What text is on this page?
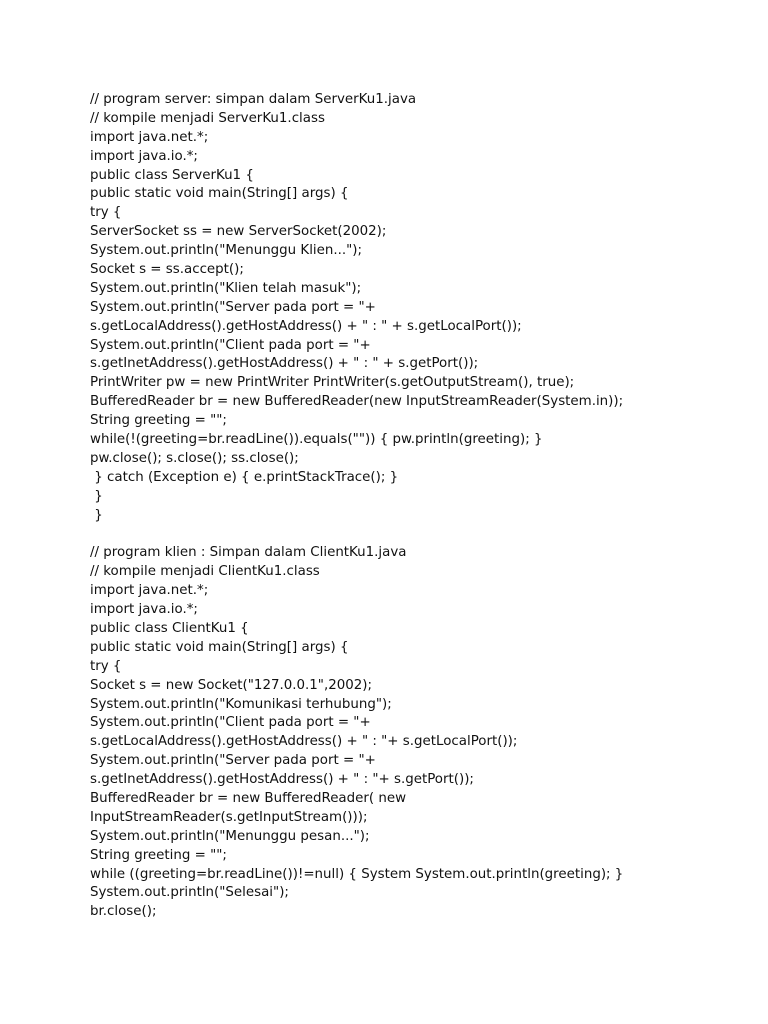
// program server: simpan dalam ServerKu1.java
// kompile menjadi ServerKu1.class
import java.net.*;
import java.io.*;
public class ServerKu1 {
public static void main(String[] args) {
try {
ServerSocket ss = new ServerSocket(2002);
System.out.println("Menunggu Klien...");
Socket s = ss.accept();
System.out.println("Klien telah masuk");
System.out.println("Server pada port = "+
s.getLocalAddress().getHostAddress() + " : " + s.getLocalPort());
System.out.println("Client pada port = "+
s.getInetAddress().getHostAddress() + " : " + s.getPort());
PrintWriter pw = new PrintWriter PrintWriter(s.getOutputStream(), true);
BufferedReader br = new BufferedReader(new InputStreamReader(System.in));
String greeting = "";
while(!(greeting=br.readLine()).equals("")) { pw.println(greeting); }
pw.close(); s.close(); ss.close();
} catch (Exception e) { e.printStackTrace(); }
}
}
// program klien : Simpan dalam ClientKu1.java
// kompile menjadi ClientKu1.class
import java.net.*;
import java.io.*;
public class ClientKu1 {
public static void main(String[] args) {
try {
Socket s = new Socket("127.0.0.1",2002);
System.out.println("Komunikasi terhubung");
System.out.println("Client pada port = "+
s.getLocalAddress().getHostAddress() + " : "+ s.getLocalPort());
System.out.println("Server pada port = "+
s.getInetAddress().getHostAddress() + " : "+ s.getPort());
BufferedReader br = new BufferedReader( new
InputStreamReader(s.getInputStream()));
System.out.println("Menunggu pesan...");
String greeting = "";
while ((greeting=br.readLine())!=null) { System System.out.println(greeting); }
System.out.println("Selesai");
br.close();
